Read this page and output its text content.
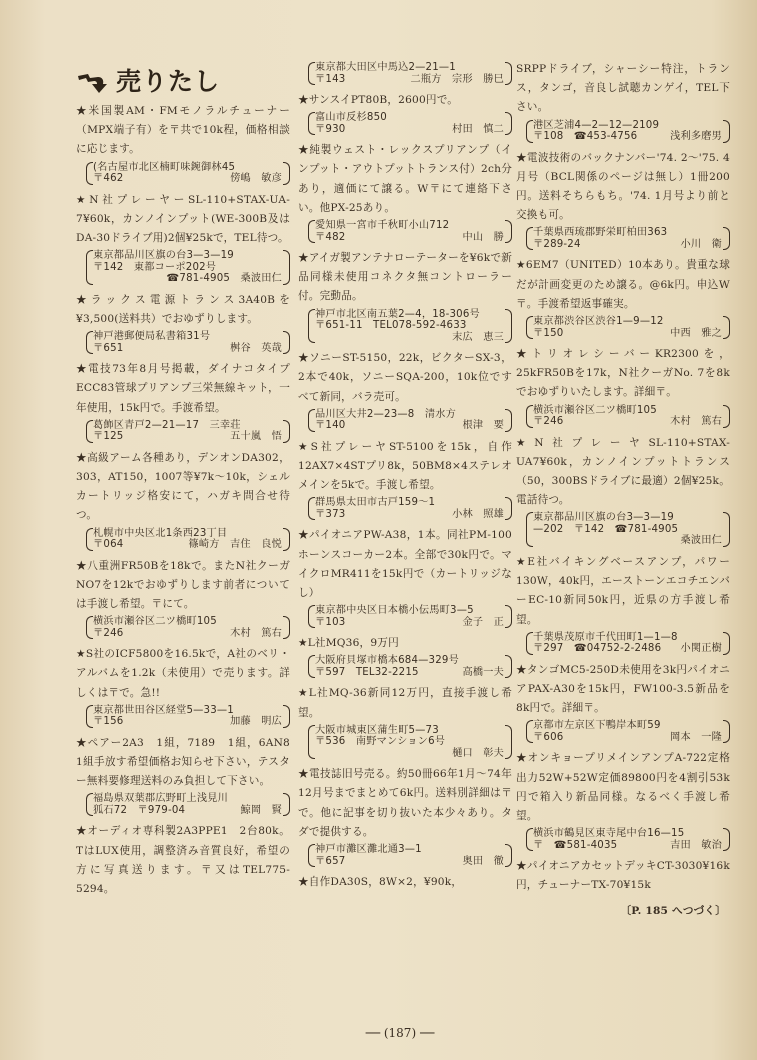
売りたし
★米国製AM・FMモノラルチューナー（MPX端子有）を〒共で10k程，価格相談に応じます。
(名古屋市北区楠町味鋺御林45
〒462	傍嶋　敏彦
★N社プレーヤーSL-110+STAX-UA-7¥60k，カンノインプット(WE-300B及はDA-30ドライブ用)2個¥25kで，TEL待つ。
東京都品川区旗の台3—3—19
〒142　東都コーポ202号
☎781-4905　桑波田仁
★ラックス電源トランス3A40Bを¥3,500(送料共）でおゆずりします。
神戸港郵便局私書箱31号
〒651	桝谷　英哉
★電技73年8月号掲載，ダイナコタイプECC83管球プリアンプ三栄無線キット，一年使用，15k円で。手渡希望。
葛飾区青戸2—21—17　三幸荘
〒125	五十嵐　悟
★高級アーム各種あり，デンオンDA302，303，AT150，1007等¥7k～10k，シェルカートリッジ格安にて，ハガキ問合せ待つ。
札幌市中央区北1条西23丁目
〒064	篠崎方　吉住　良悦
★八重洲FR50Bを18kで。またN社クーガNO7を12kでおゆずりします前者については手渡し希望。〒にて。
横浜市瀬谷区二ツ橋町105
〒246	木村　篤右
★S社のICF5800を16.5kで，A社のベリ・アルバムを1.2k（未使用）で売ります。詳しくは〒で。急!!
東京都世田谷区経堂5—33—1
〒156	加藤　明広
★ペアー2A3　1組，7189　1組，6AN8　1組手放す希望価格お知らせ下さい，テスター無料要修理送料のみ負担して下さい。
福島県双葉郡広野町上浅見川
狐石72　〒979-04	鯨岡　賢
★オーディオ専科製2A3PPE1　2台80k。TはLUX使用，調整済み音質良好，希望の方に写真送ります。〒又はTEL775-5294。
東京都大田区中馬込2—21—1
〒143	二瓶方　宗形　勝巳
★サンスイPT80B，2600円で。
富山市反杉850
〒930	村田　慎二
★純製ウェスト・レックスプリアンプ（インプット・アウトプットトランス付）2ch分あり，適価にて譲る。W〒にて連絡下さい。他PX-25あり。
愛知県一宮市千秋町小山712
〒482	中山　勝
★アイガ製アンテナローテーターを¥6kで新品同様未使用コネクタ無コントローラー付。完動品。
神戸市北区南五葉2—4，18-306号
〒651-11　TEL078-592-4633
末広　恵三
★ソニーST-5150，22k，ビクターSX-3，2本で40k，ソニーSQA-200，10k位ですべて新同，バラ売可。
品川区大井2—23—8　清水方
〒140	根津　要
★S社プレーヤST-5100を15k，自作12AX7×4STプリ8k，50BM8×4ステレオメインを5kで。手渡し希望。
群馬県太田市古戸159～1
〒373	小林　照雄
★パイオニアPW-A38，1本。同社PM-100ホーンスコーカー2本。全部で30k円で。マイクロMR411を15k円で（カートリッジなし）
東京都中央区日本橋小伝馬町3—5
〒103	金子　正
★L社MQ36，9万円
大阪府貝塚市橋本684—329号
〒597　TEL32-2215	高橋一夫
★L社MQ-36新同12万円，直接手渡し希望。
大阪市城東区蒲生町5—73
〒536　南野マンション6号
樋口　彰夫
★電技誌旧号売る。約50冊66年1月～74年12月号までまとめて6k円。送料別詳細は〒で。他に記事を切り抜いた本少々あり。タダで提供する。
神戸市灘区灘北通3—1
〒657	奥田　徹
★自作DA30S，8W×2，¥90k，
SRPPドライブ，シャーシー特注，トランス，タンゴ，音良し試聴カンゲイ，TEL下さい。
港区芝浦4—2—12—2109
〒108　☎453-4756	浅利多磨男
★電波技術のバックナンバー'74. 2～'75. 4月号（BCL関係のページは無し）1冊200円。送料そちらもち。'74. 1月号より前と交換も可。
千葉県西琉郡野栄町柏田363
〒289-24	小川　衛
★6EM7（UNITED）10本あり。貴重な球だが計画変更のため譲る。@6k円。申込W〒。手渡希望返事確実。
東京都渋谷区渋谷1—9—12
〒150	中西　雅之
★トリオレシーバーKR2300を，25kFR50Bを17k，N社クーガNo. 7を8kでおゆずりいたします。詳細〒。
横浜市瀬谷区二ツ橋町105
〒246	木村　篤右
★N社プレーヤSL-110+STAX-UA7¥60k，カンノインプットトランス（50，300BSドライブに最適）2個¥25k。電話待つ。
東京都品川区旗の台3—3—19
—202　〒142　☎781-4905
桑波田仁
★E社バイキングベースアンプ，パワー130W，40k円，エーストーンエコチエンバーEC-10新同50k円，近県の方手渡し希望。
千葉県茂原市千代田町1—1—8
〒297　☎04752-2-2486 小関正樹
★タンゴMC5-250D未使用を3k円パイオニアPAX-A30を15k円，FW100-3.5新品を8k円で。詳細〒。
京都市左京区下鴨岸本町59
〒606	岡本　一隆
★オンキョープリメインアンプA-722定格出力52W+52W定価89800円を4割引53k円で箱入り新品同様。なるべく手渡し希望。
横浜市鶴見区東寺尾中台16—15
〒　☎581-4035	吉田　敏治
★パイオニアカセットデッキCT-3030¥16k円，チューナーTX-70¥15k
〔P. 185 へつづく〕
── (187) ──
